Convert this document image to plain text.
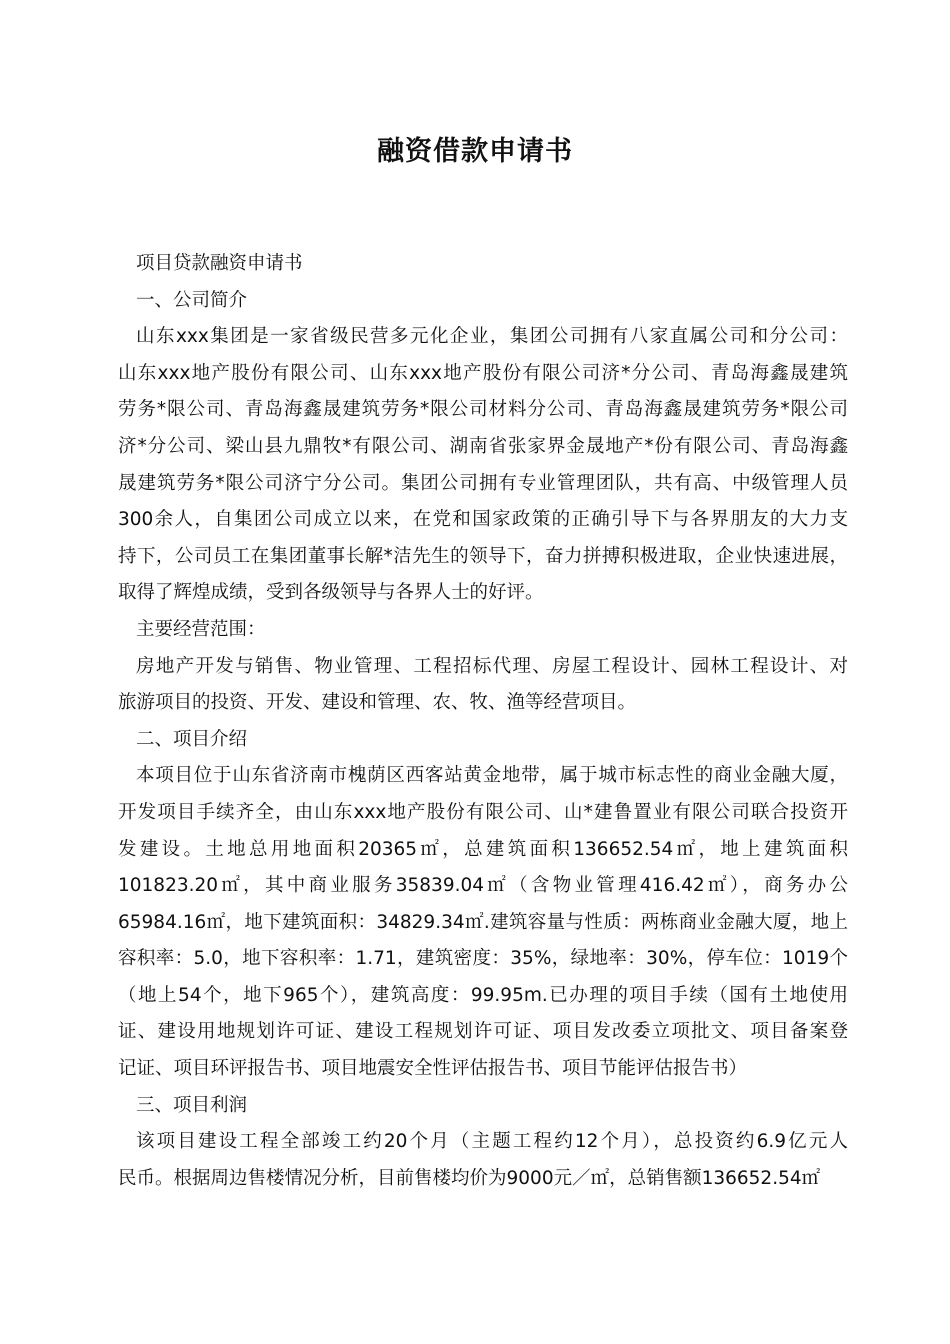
融资借款申请书
项目贷款融资申请书
一、公司简介
山东xxx集团是一家省级民营多元化企业，集团公司拥有八家直属公司和分公司：
山东xxx地产股份有限公司、山东xxx地产股份有限公司济*分公司、青岛海鑫晟建筑
劳务*限公司、青岛海鑫晟建筑劳务*限公司材料分公司、青岛海鑫晟建筑劳务*限公司
济*分公司、梁山县九鼎牧*有限公司、湖南省张家界金晟地产*份有限公司、青岛海鑫
晟建筑劳务*限公司济宁分公司。集团公司拥有专业管理团队，共有高、中级管理人员
300余人，自集团公司成立以来，在党和国家政策的正确引导下与各界朋友的大力支
持下，公司员工在集团董事长解*洁先生的领导下，奋力拼搏积极进取，企业快速进展，
取得了辉煌成绩，受到各级领导与各界人士的好评。
主要经营范围：
房地产开发与销售、物业管理、工程招标代理、房屋工程设计、园林工程设计、对
旅游项目的投资、开发、建设和管理、农、牧、渔等经营项目。
二、项目介绍
本项目位于山东省济南市槐荫区西客站黄金地带，属于城市标志性的商业金融大厦，
开发项目手续齐全，由山东xxx地产股份有限公司、山*建鲁置业有限公司联合投资开
发建设。土地总用地面积20365㎡，总建筑面积136652.54㎡，地上建筑面积
101823.20㎡，其中商业服务35839.04㎡（含物业管理416.42㎡），商务办公
65984.16㎡，地下建筑面积：34829.34㎡.建筑容量与性质：两栋商业金融大厦，地上
容积率：5.0，地下容积率：1.71，建筑密度：35%，绿地率：30%，停车位：1019个
（地上54个，地下965个），建筑高度：99.95m.已办理的项目手续（国有土地使用
证、建设用地规划许可证、建设工程规划许可证、项目发改委立项批文、项目备案登
记证、项目环评报告书、项目地震安全性评估报告书、项目节能评估报告书）
三、项目利润
该项目建设工程全部竣工约20个月（主题工程约12个月），总投资约6.9亿元人
民币。根据周边售楼情况分析，目前售楼均价为9000元／㎡，总销售额136652.54㎡
